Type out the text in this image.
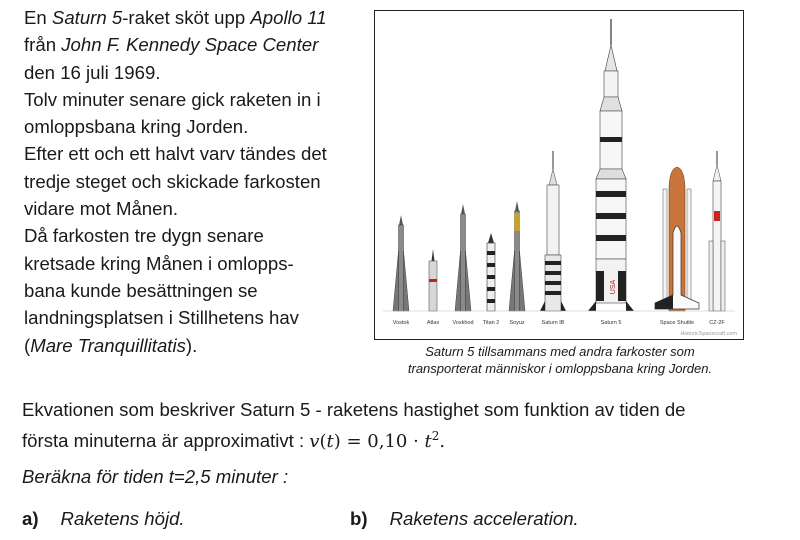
En Saturn 5-raket sköt upp Apollo 11
från John F. Kennedy Space Center
den 16 juli 1969.
Tolv minuter senare gick raketen in i
omloppsbana kring Jorden.
Efter ett och ett halvt varv tändes det
tredje steget och skickade farkosten
vidare mot Månen.
Då farkosten tre dygn senare
kretsade kring Månen i omlopps-
bana kunde besättningen se
landningsplatsen i Stillhetens hav
(Mare Tranquillitatis).
USA
Vostok	Atlas Voskhod Titan 2 Soyuz	Saturn IB	Saturn 5	Space Shuttle	CZ-2F
HistoricSpacecraft.com
Saturn 5 tillsammans med andra farkoster som
transporterat människor i omloppsbana kring Jorden.
Ekvationen som beskriver Saturn 5 - raketens hastighet som funktion av tiden de
första minuterna är approximativt : $v(t) = 0,10 \cdot t^2$.
Beräkna för tiden t=2,5 minuter :
a) Raketens höjd.	b) Raketens acceleration.
